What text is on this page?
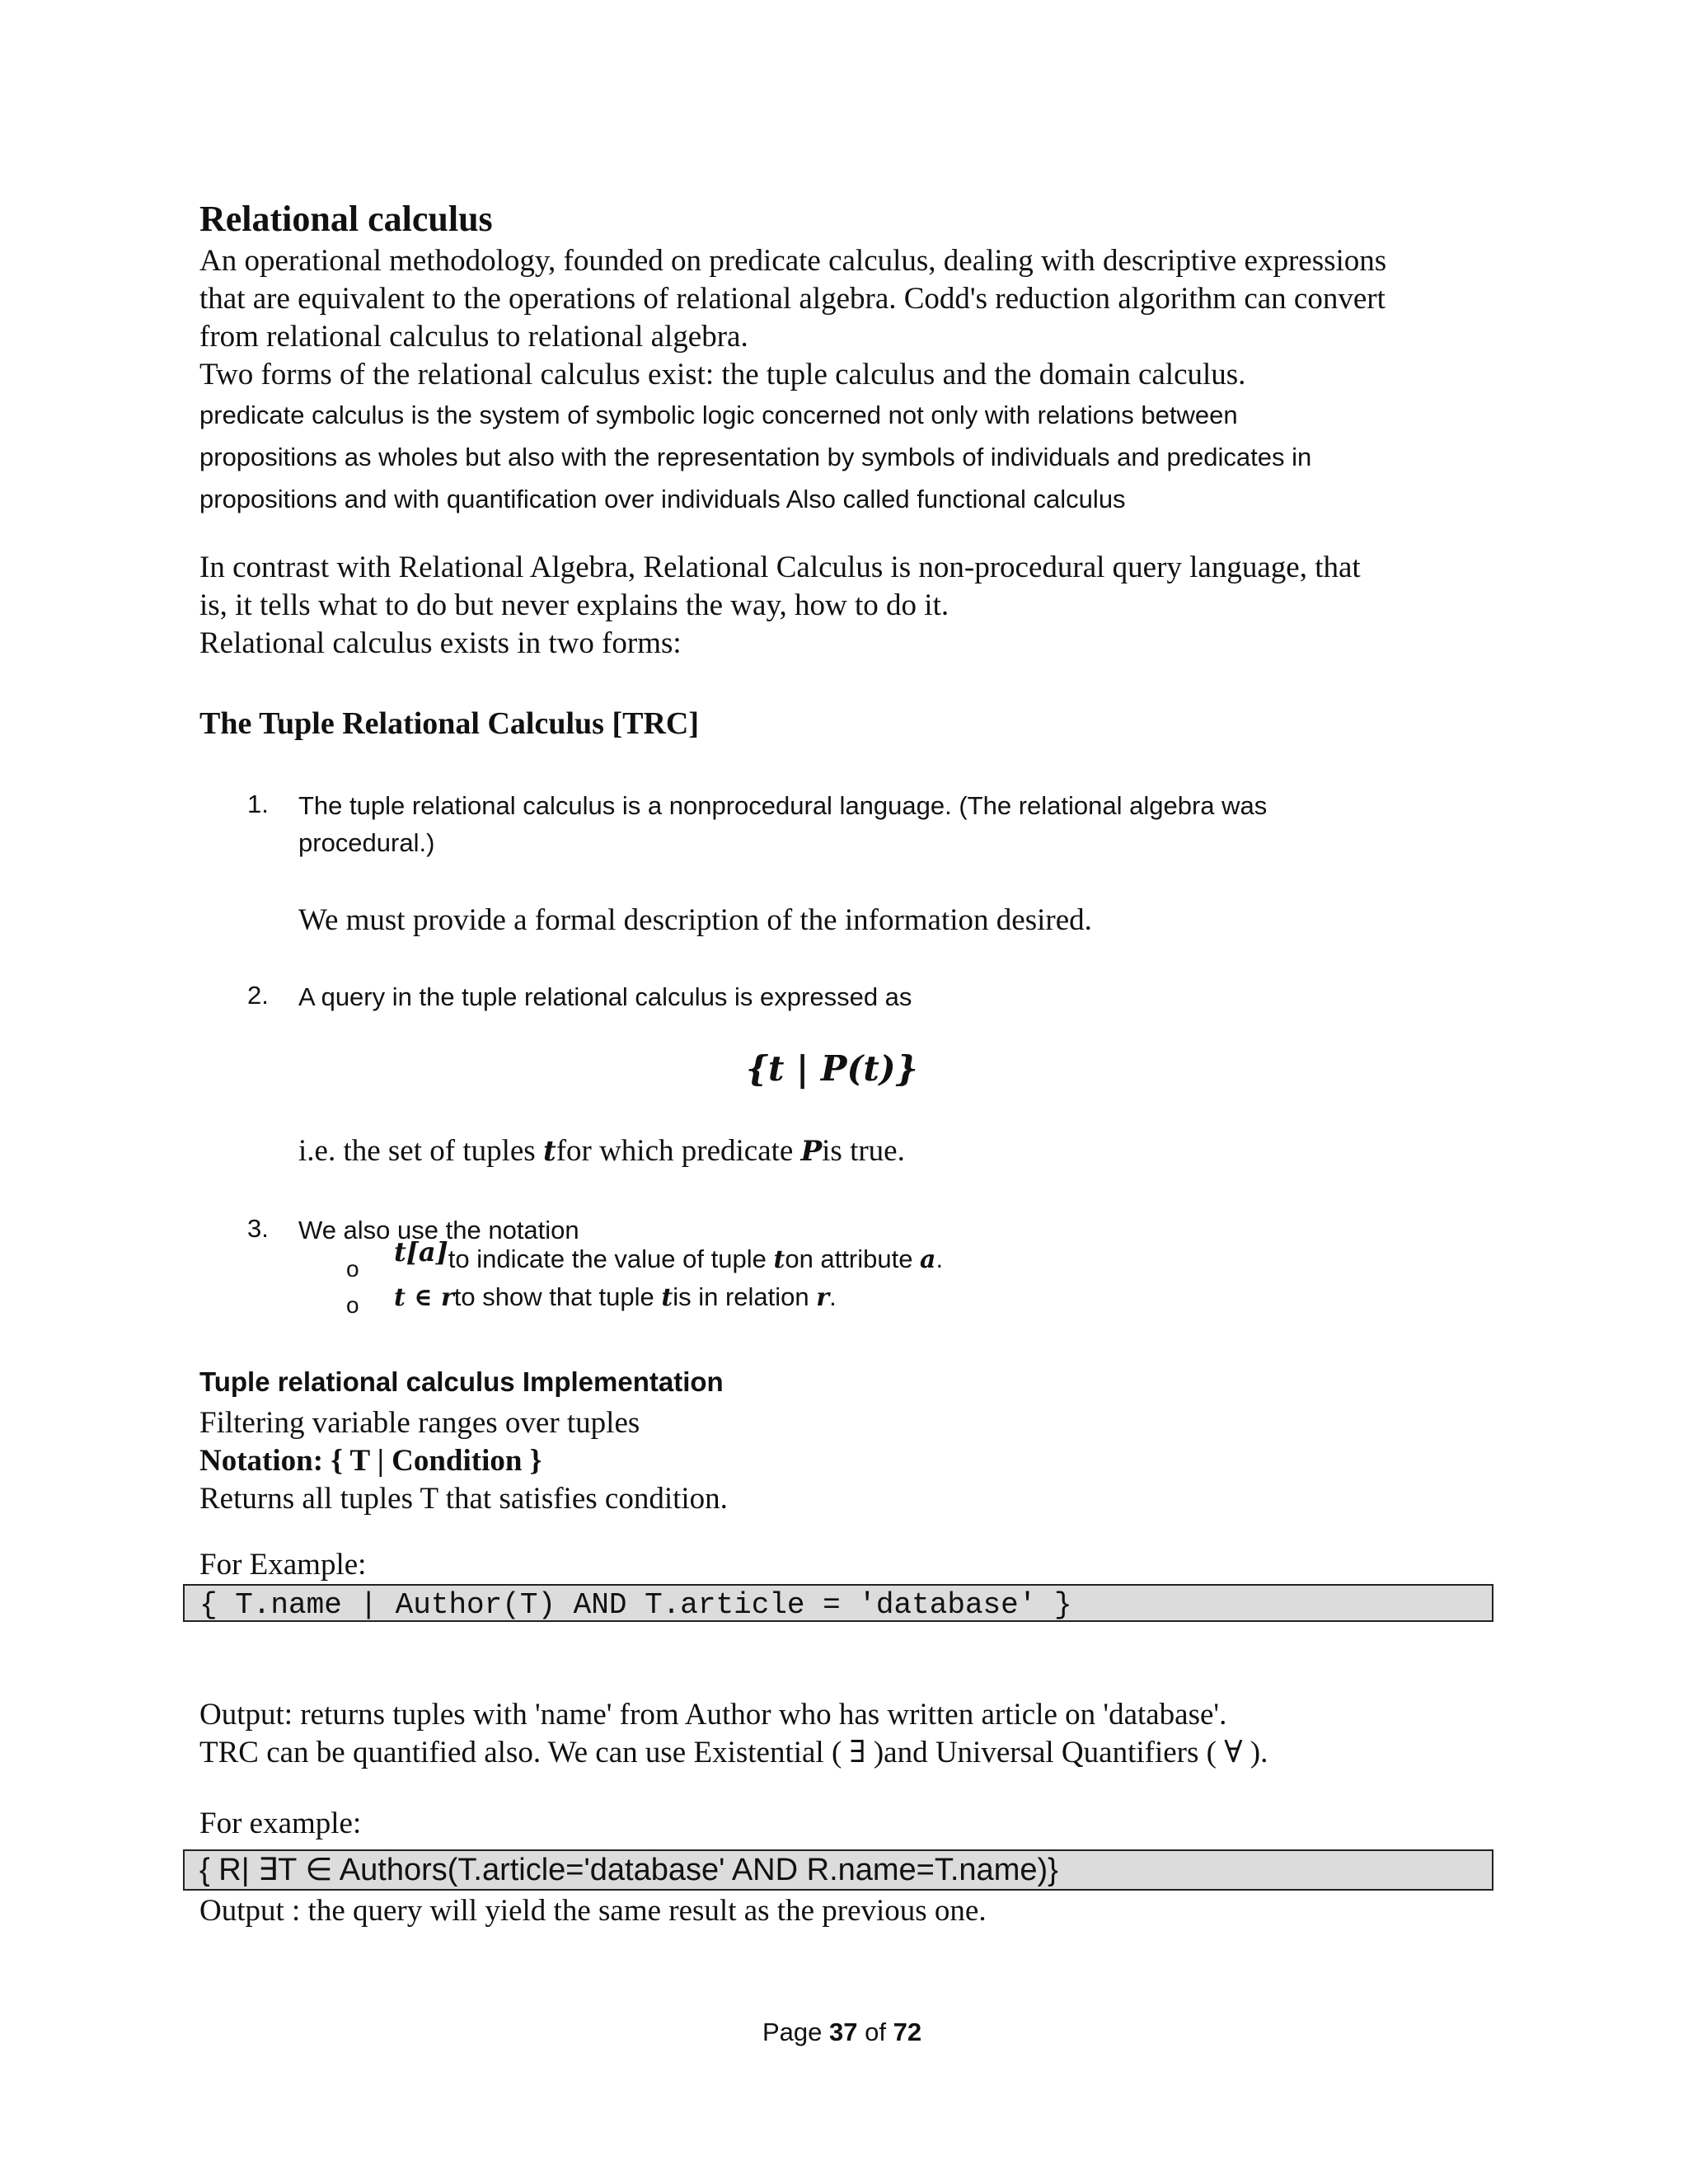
Relational calculus
An operational methodology, founded on predicate calculus, dealing with descriptive expressions
that are equivalent to the operations of relational algebra. Codd's reduction algorithm can convert
from relational calculus to relational algebra.
Two forms of the relational calculus exist: the tuple calculus and the domain calculus.
predicate calculus is the system of symbolic logic concerned not only with relations between
propositions as wholes but also with the representation by symbols of individuals and predicates in
propositions and with quantification over individuals Also called functional calculus
In contrast with Relational Algebra, Relational Calculus is non-procedural query language, that
is, it tells what to do but never explains the way, how to do it.
Relational calculus exists in two forms:
The Tuple Relational Calculus [TRC]
1. The tuple relational calculus is a nonprocedural language. (The relational algebra was
procedural.)
We must provide a formal description of the information desired.
2. A query in the tuple relational calculus is expressed as
{t | P(t)}
i.e. the set of tuples tfor which predicate Pis true.
3. We also use the notation
o
t[a]to indicate the value of tuple ton attribute a.
o t ∈ rto show that tuple tis in relation r.
Tuple relational calculus Implementation
Filtering variable ranges over tuples
Notation: { T | Condition }
Returns all tuples T that satisfies condition.
For Example:
{ T.name | Author(T) AND T.article = 'database' }
Output: returns tuples with 'name' from Author who has written article on 'database'.
TRC can be quantified also. We can use Existential ( ∃ )and Universal Quantifiers ( ∀ ).
For example:
{ R| ∃T ∈ Authors(T.article='database' AND R.name=T.name)}
Output : the query will yield the same result as the previous one.
Page 37 of 72
